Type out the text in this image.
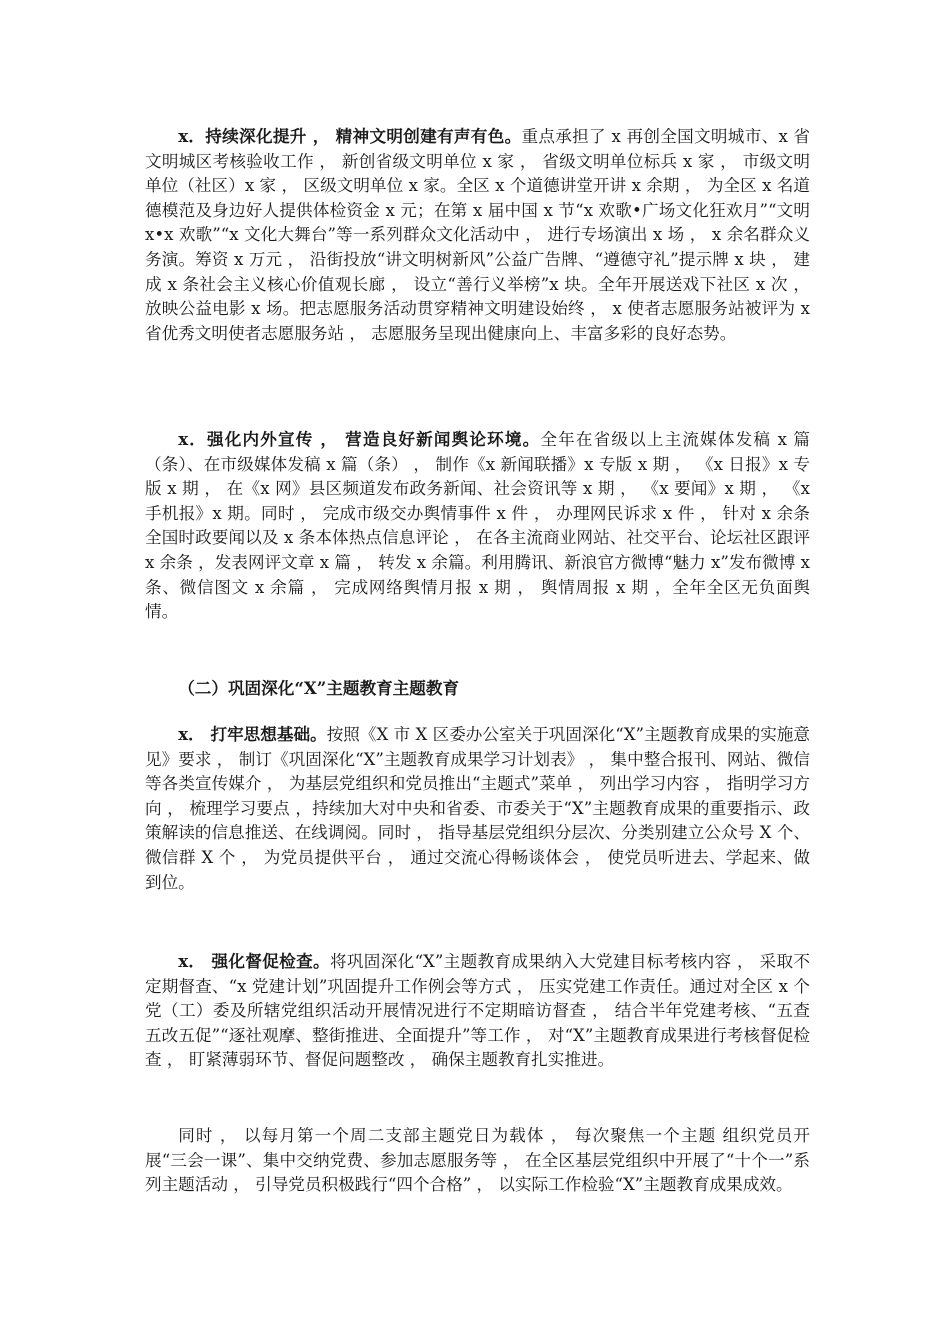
x．持续深化提升 ， 精神文明创建有声有色。重点承担了 x 再创全国文明城市、x 省文明城区考核验收工作 ， 新创省级文明单位 x 家 ， 省级文明单位标兵 x 家 ， 市级文明单位（社区）x 家 ， 区级文明单位 x 家。全区 x 个道德讲堂开讲 x 余期 ， 为全区 x 名道德模范及身边好人提供体检资金 x 元；在第 x 届中国 x 节“x 欢歌•广场文化狂欢月”“文明 x•x 欢歌”“x 文化大舞台”等一系列群众文化活动中 ， 进行专场演出 x 场 ， x 余名群众义务演。筹资 x 万元 ， 沿街投放“讲文明树新风”公益广告牌、“遵德守礼”提示牌 x 块 ， 建成 x 条社会主义核心价值观长廊 ， 设立“善行义举榜”x 块。全年开展送戏下社区 x 次 ， 放映公益电影 x 场。把志愿服务活动贯穿精神文明建设始终 ， x 使者志愿服务站被评为 x 省优秀文明使者志愿服务站 ， 志愿服务呈现出健康向上、丰富多彩的良好态势。

x．强化内外宣传 ， 营造良好新闻舆论环境。全年在省级以上主流媒体发稿 x 篇（条）、在市级媒体发稿 x 篇（条） ， 制作《x 新闻联播》x 专版 x 期 ， 《x 日报》x 专版 x 期 ， 在《x 网》县区频道发布政务新闻、社会资讯等 x 期 ， 《x 要闻》x 期 ， 《x 手机报》x 期。同时 ， 完成市级交办舆情事件 x 件 ， 办理网民诉求 x 件 ， 针对 x 余条全国时政要闻以及 x 条本体热点信息评论 ， 在各主流商业网站、社交平台、论坛社区跟评 x 余条 ，发表网评文章 x 篇 ， 转发 x 余篇。利用腾讯、新浪官方微博“魅力 x”发布微博 x 条、微信图文 x 余篇 ， 完成网络舆情月报 x 期 ， 舆情周报 x 期 ，全年全区无负面舆情。

（二）巩固深化“X”主题教育主题教育

x． 打牢思想基础。按照《X 市 X 区委办公室关于巩固深化“X”主题教育成果的实施意见》要求 ， 制订《巩固深化“X”主题教育成果学习计划表》 ， 集中整合报刊、网站、微信等各类宣传媒介 ， 为基层党组织和党员推出“主题式”菜单 ， 列出学习内容 ， 指明学习方向 ， 梳理学习要点 ，持续加大对中央和省委、市委关于“X”主题教育成果的重要指示、政策解读的信息推送、在线调阅。同时 ， 指导基层党组织分层次、分类别建立公众号 X 个、微信群 X 个 ， 为党员提供平台 ， 通过交流心得畅谈体会 ， 使党员听进去、学起来、做到位。

x． 强化督促检查。将巩固深化“X”主题教育成果纳入大党建目标考核内容 ， 采取不定期督查、“x 党建计划”巩固提升工作例会等方式 ， 压实党建工作责任。通过对全区 x 个党（工）委及所辖党组织活动开展情况进行不定期暗访督查 ， 结合半年党建考核、“五查五改五促”“逐社观摩、整街推进、全面提升”等工作 ， 对“X”主题教育成果进行考核督促检查 ， 盯紧薄弱环节、督促问题整改 ， 确保主题教育扎实推进。

同时 ， 以每月第一个周二支部主题党日为载体 ， 每次聚焦一个主题 组织党员开展“三会一课”、集中交纳党费、参加志愿服务等 ， 在全区基层党组织中开展了“十个一”系列主题活动 ， 引导党员积极践行“四个合格” ， 以实际工作检验“X”主题教育成果成效。
